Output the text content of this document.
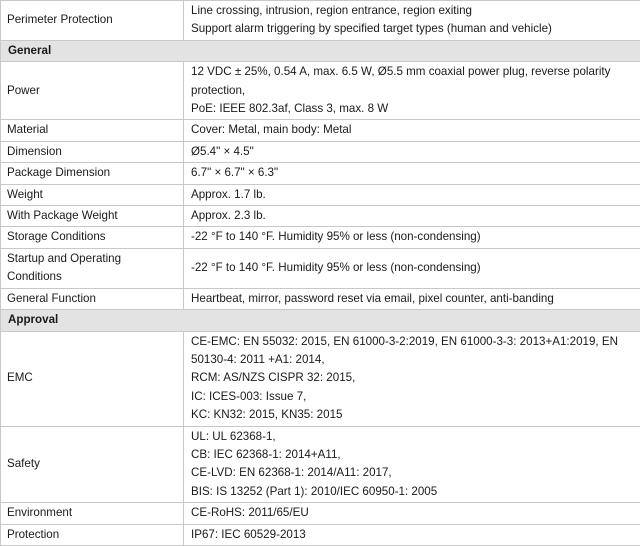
Perimeter Protection	Line crossing, intrusion, region entrance, region exiting
Support alarm triggering by specified target types (human and vehicle)

General	
Power	12 VDC ± 25%, 0.54 A, max. 6.5 W, Ø5.5 mm coaxial power plug, reverse polarity protection,
PoE: IEEE 802.3af, Class 3, max. 8 W

Material	Cover: Metal, main body: Metal

Dimension	Ø5.4" × 4.5"

Package Dimension	6.7" × 6.7" × 6.3"

Weight	Approx. 1.7 lb.

With Package Weight	Approx. 2.3 lb.

Storage Conditions	-22 °F to 140 °F. Humidity 95% or less (non-condensing)

Startup and Operating Conditions	-22 °F to 140 °F. Humidity 95% or less (non-condensing)

General Function	Heartbeat, mirror, password reset via email, pixel counter, anti-banding

Approval	
EMC	CE-EMC: EN 55032: 2015, EN 61000-3-2:2019, EN 61000-3-3: 2013+A1:2019, EN 50130-4: 2011 +A1: 2014,
RCM: AS/NZS CISPR 32: 2015,
IC: ICES-003: Issue 7,
KC: KN32: 2015, KN35: 2015

Safety	UL: UL 62368-1,
CB: IEC 62368-1: 2014+A11,
CE-LVD: EN 62368-1: 2014/A11: 2017,
BIS: IS 13252 (Part 1): 2010/IEC 60950-1: 2005

Environment	CE-RoHS: 2011/65/EU

Protection	IP67: IEC 60529-2013
